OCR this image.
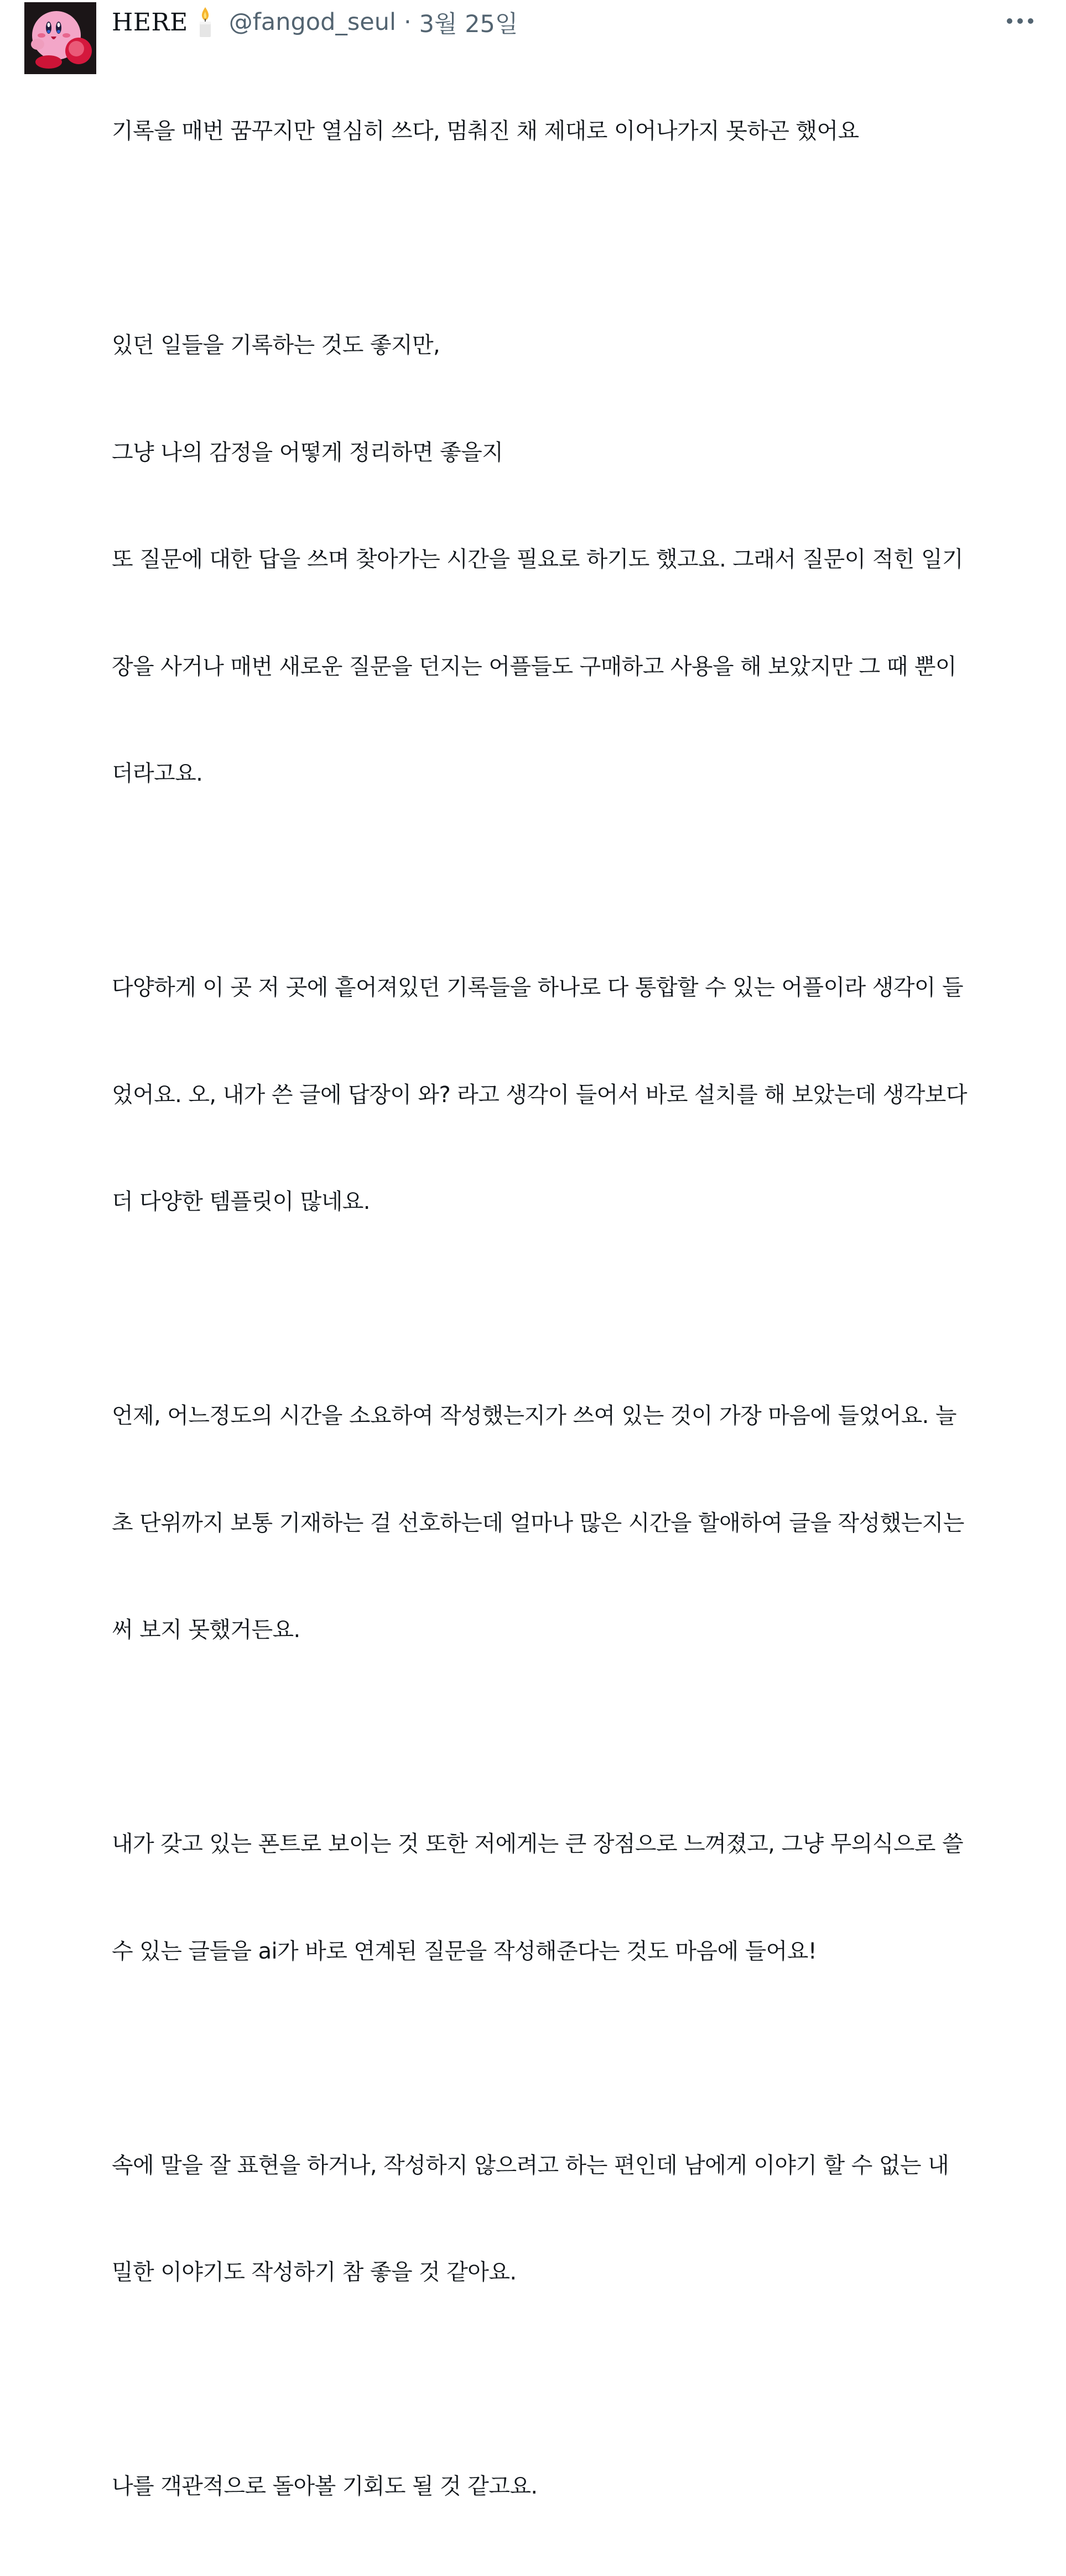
HERE @fangod_seul · 3월 25일

기록을 매번 꿈꾸지만 열심히 쓰다, 멈춰진 채 제대로 이어나가지 못하곤 했어요

있던 일들을 기록하는 것도 좋지만,

그냥 나의 감정을 어떻게 정리하면 좋을지

또 질문에 대한 답을 쓰며 찾아가는 시간을 필요로 하기도 했고요. 그래서 질문이 적힌 일기

장을 사거나 매번 새로운 질문을 던지는 어플들도 구매하고 사용을 해 보았지만 그 때 뿐이

더라고요.

다양하게 이 곳 저 곳에 흩어져있던 기록들을 하나로 다 통합할 수 있는 어플이라 생각이 들

었어요. 오, 내가 쓴 글에 답장이 와? 라고 생각이 들어서 바로 설치를 해 보았는데 생각보다

더 다양한 템플릿이 많네요.

언제, 어느정도의 시간을 소요하여 작성했는지가 쓰여 있는 것이 가장 마음에 들었어요. 늘

초 단위까지 보통 기재하는 걸 선호하는데 얼마나 많은 시간을 할애하여 글을 작성했는지는

써 보지 못했거든요.

내가 갖고 있는 폰트로 보이는 것 또한 저에게는 큰 장점으로 느껴졌고, 그냥 무의식으로 쓸

수 있는 글들을 ai가 바로 연계된 질문을 작성해준다는 것도 마음에 들어요!

속에 말을 잘 표현을 하거나, 작성하지 않으려고 하는 편인데 남에게 이야기 할 수 없는 내

밀한 이야기도 작성하기 참 좋을 것 같아요.

나를 객관적으로 돌아볼 기회도 될 것 같고요.
